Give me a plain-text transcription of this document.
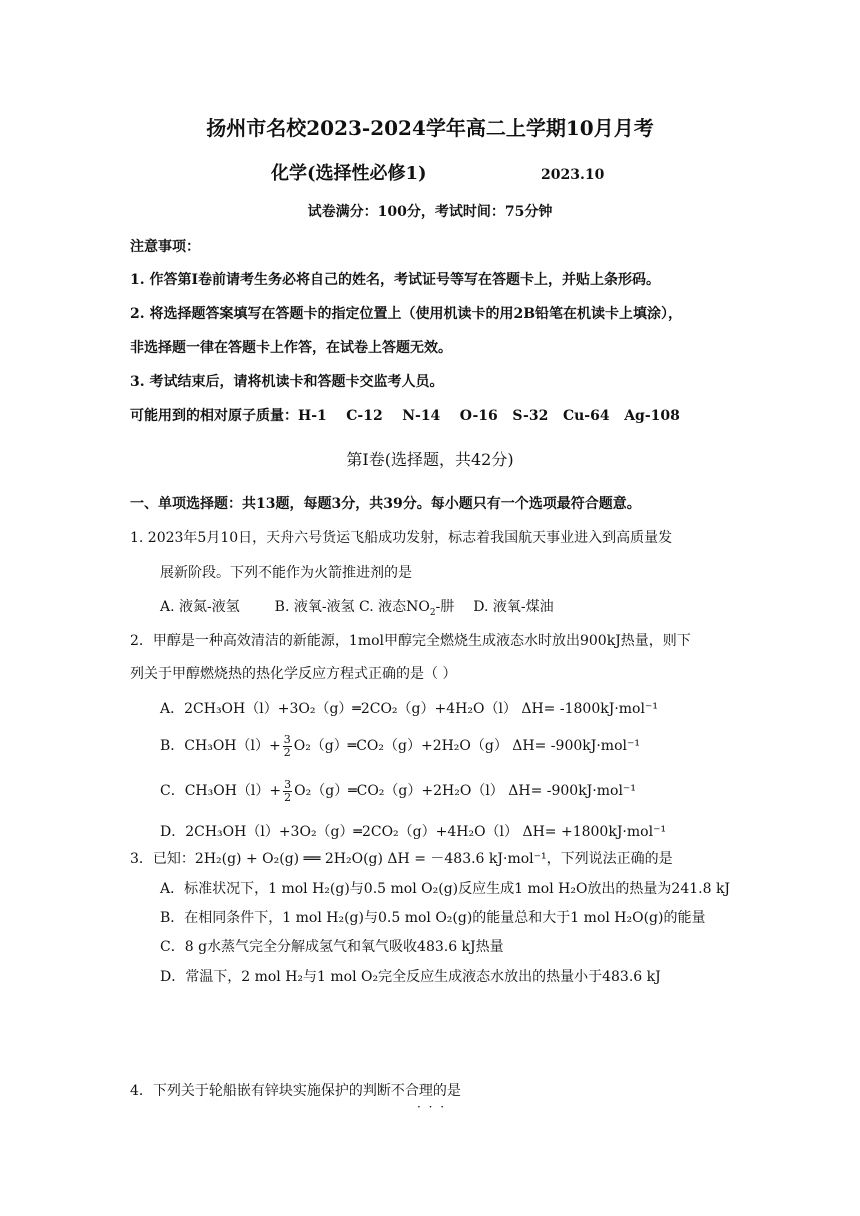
扬州市名校2023-2024学年高二上学期10月月考
化学(选择性必修1)	2023.10
试卷满分：100分，考试时间：75分钟
注意事项：
1. 作答第Ⅰ卷前请考生务必将自己的姓名，考试证号等写在答题卡上，并贴上条形码。
2. 将选择题答案填写在答题卡的指定位置上（使用机读卡的用2B铅笔在机读卡上填涂），
非选择题一律在答题卡上作答，在试卷上答题无效。
3. 考试结束后，请将机读卡和答题卡交监考人员。
可能用到的相对原子质量：H-1    C-12    N-14    O-16   S-32   Cu-64   Ag-108
第Ⅰ卷(选择题，共42分)
一、单项选择题：共13题，每题3分，共39分。每小题只有一个选项最符合题意。
1. 2023年5月10日，天舟六号货运飞船成功发射，标志着我国航天事业进入到高质量发
展新阶段。下列不能作为火箭推进剂的是
A. 液氮-液氢 B. 液氧-液氢 C. 液态$NO_2-$肼 D. 液氧-煤油
2．甲醇是一种高效清洁的新能源，1mol甲醇完全燃烧生成液态水时放出900kJ热量，则下
列关于甲醇燃烧热的热化学反应方程式正确的是（ ）
A．2CH₃OH（l）+3O₂（g）═2CO₂（g）+4H₂O（l） ΔH= -1800kJ·mol⁻¹
B．$CH_3OH(l)+ \frac{3}{2}$ O₂（g）═CO₂（g）+2H₂O（g） ΔH= -900kJ·mol⁻¹
C．$CH_3OH(l)+ \frac{3}{2}$ O₂（g）═CO₂（g）+2H₂O（l） ΔH= -900kJ·mol⁻¹
D．2CH₃OH（l）+3O₂（g）═2CO₂（g）+4H₂O（l） ΔH= +1800kJ·mol⁻¹
3．已知：2H₂(g) + O₂(g) ══ 2H₂O(g) ΔH = －483.6 kJ·mol⁻¹，下列说法正确的是
A．标准状况下，1 mol H₂(g)与0.5 mol O₂(g)反应生成1 mol H₂O放出的热量为241.8 kJ
B．在相同条件下，1 mol H₂(g)与0.5 mol O₂(g)的能量总和大于1 mol H₂O(g)的能量
C．8 g水蒸气完全分解成氢气和氧气吸收483.6 kJ热量
D．常温下，2 mol H₂与1 mol O₂完全反应生成液态水放出的热量小于483.6 kJ
4．下列关于轮船嵌有锌块实施保护的判断不合理的是
· · ·
